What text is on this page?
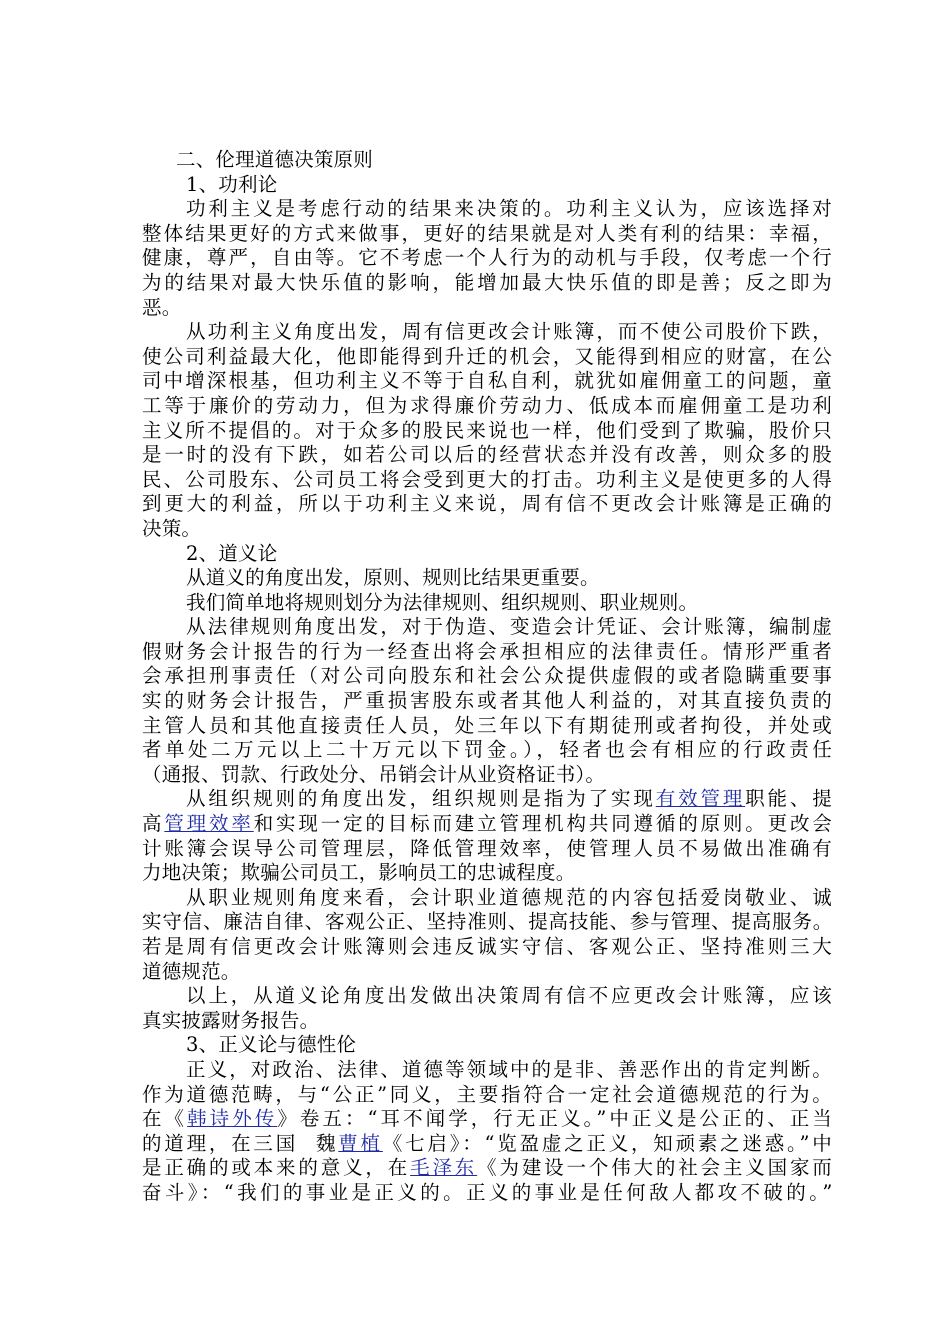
二、伦理道德决策原则
1、功利论
功利主义是考虑行动的结果来决策的。功利主义认为，应该选择对
整体结果更好的方式来做事，更好的结果就是对人类有利的结果：幸福，
健康，尊严，自由等。它不考虑一个人行为的动机与手段，仅考虑一个行
为的结果对最大快乐值的影响，能增加最大快乐值的即是善；反之即为
恶。
从功利主义角度出发，周有信更改会计账簿，而不使公司股价下跌，
使公司利益最大化，他即能得到升迁的机会，又能得到相应的财富，在公
司中增深根基，但功利主义不等于自私自利，就犹如雇佣童工的问题，童
工等于廉价的劳动力，但为求得廉价劳动力、低成本而雇佣童工是功利
主义所不提倡的。对于众多的股民来说也一样，他们受到了欺骗，股价只
是一时的没有下跌，如若公司以后的经营状态并没有改善，则众多的股
民、公司股东、公司员工将会受到更大的打击。功利主义是使更多的人得
到更大的利益，所以于功利主义来说，周有信不更改会计账簿是正确的
决策。
2、道义论
从道义的角度出发，原则、规则比结果更重要。
我们简单地将规则划分为法律规则、组织规则、职业规则。
从法律规则角度出发，对于伪造、变造会计凭证、会计账簿，编制虚
假财务会计报告的行为一经查出将会承担相应的法律责任。情形严重者
会承担刑事责任（对公司向股东和社会公众提供虚假的或者隐瞒重要事
实的财务会计报告，严重损害股东或者其他人利益的，对其直接负责的
主管人员和其他直接责任人员，处三年以下有期徒刑或者拘役，并处或
者单处二万元以上二十万元以下罚金。），轻者也会有相应的行政责任
（通报、罚款、行政处分、吊销会计从业资格证书）。
从组织规则的角度出发，组织规则是指为了实现有效管理职能、提
高管理效率和实现一定的目标而建立管理机构共同遵循的原则。更改会
计账簿会误导公司管理层，降低管理效率，使管理人员不易做出准确有
力地决策；欺骗公司员工，影响员工的忠诚程度。
从职业规则角度来看，会计职业道德规范的内容包括爱岗敬业、诚
实守信、廉洁自律、客观公正、坚持准则、提高技能、参与管理、提高服务。
若是周有信更改会计账簿则会违反诚实守信、客观公正、坚持准则三大
道德规范。
以上，从道义论角度出发做出决策周有信不应更改会计账簿，应该
真实披露财务报告。
3、正义论与德性伦
正义，对政治、法律、道德等领域中的是非、善恶作出的肯定判断。
作为道德范畴，与“公正”同义，主要指符合一定社会道德规范的行为。
在《韩诗外传》卷五：“耳不闻学，行无正义。”中正义是公正的、正当
的道理，在三国  魏曹植《七启》：“览盈虚之正义，知顽素之迷惑。”中
是正确的或本来的意义，在毛泽东《为建设一个伟大的社会主义国家而
奋斗》：“我们的事业是正义的。正义的事业是任何敌人都攻不破的。”
